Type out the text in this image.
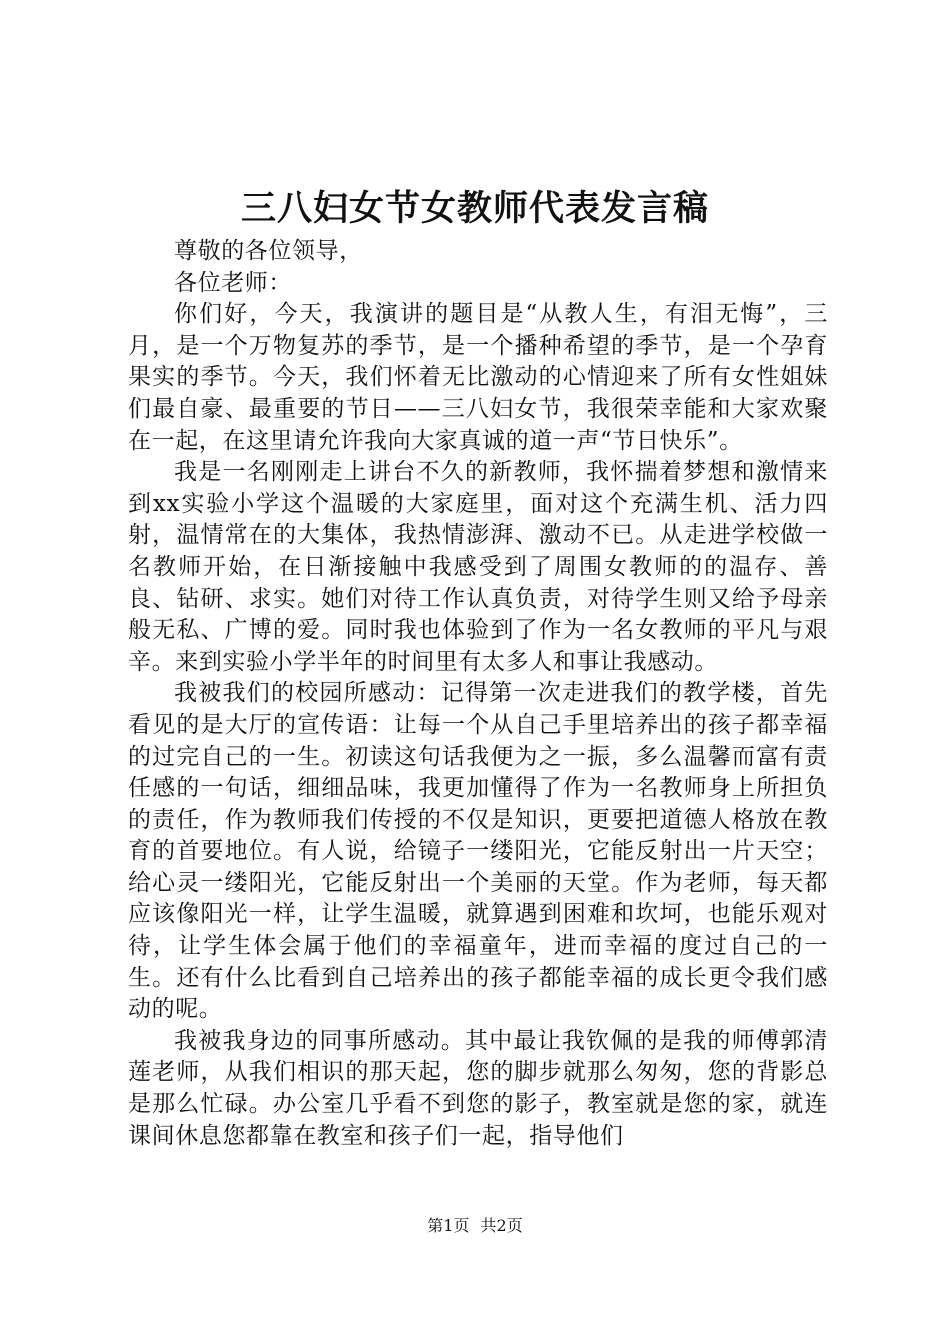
三八妇女节女教师代表发言稿

尊敬的各位领导，

各位老师：

你们好，今天，我演讲的题目是“从教人生，有泪无悔”，三月，是一个万物复苏的季节，是一个播种希望的季节，是一个孕育果实的季节。今天，我们怀着无比激动的心情迎来了所有女性姐妹们最自豪、最重要的节日——三八妇女节，我很荣幸能和大家欢聚在一起，在这里请允许我向大家真诚的道一声“节日快乐”。

我是一名刚刚走上讲台不久的新教师，我怀揣着梦想和激情来到xx实验小学这个温暖的大家庭里，面对这个充满生机、活力四射，温情常在的大集体，我热情澎湃、激动不已。从走进学校做一名教师开始，在日渐接触中我感受到了周围女教师的的温存、善良、钻研、求实。她们对待工作认真负责，对待学生则又给予母亲般无私、广博的爱。同时我也体验到了作为一名女教师的平凡与艰辛。来到实验小学半年的时间里有太多人和事让我感动。

我被我们的校园所感动：记得第一次走进我们的教学楼，首先看见的是大厅的宣传语：让每一个从自己手里培养出的孩子都幸福的过完自己的一生。初读这句话我便为之一振，多么温馨而富有责任感的一句话，细细品味，我更加懂得了作为一名教师身上所担负的责任，作为教师我们传授的不仅是知识，更要把道德人格放在教育的首要地位。有人说，给镜子一缕阳光，它能反射出一片天空；给心灵一缕阳光，它能反射出一个美丽的天堂。作为老师，每天都应该像阳光一样，让学生温暖，就算遇到困难和坎坷，也能乐观对待，让学生体会属于他们的幸福童年，进而幸福的度过自己的一生。还有什么比看到自己培养出的孩子都能幸福的成长更令我们感动的呢。

我被我身边的同事所感动。其中最让我钦佩的是我的师傅郭清莲老师，从我们相识的那天起，您的脚步就那么匆匆，您的背影总是那么忙碌。办公室几乎看不到您的影子，教室就是您的家，就连课间休息您都靠在教室和孩子们一起，指导他们

第1页 共2页
